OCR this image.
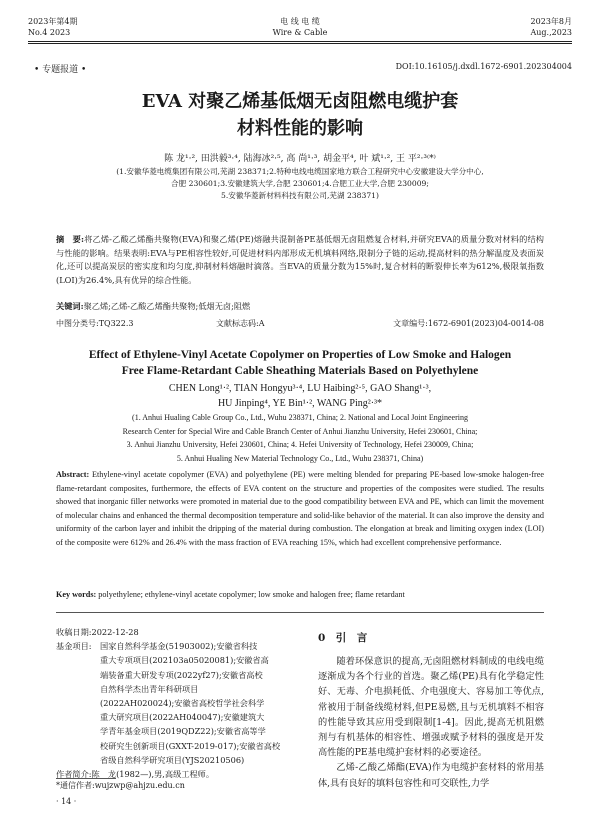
2023年第4期
No.4 2023
电 线 电 缆
Wire & Cable
2023年8月
Aug.,2023
• 专题报道 •	DOI:10.16105/j.dxdl.1672-6901.202304004
EVA 对聚乙烯基低烟无卤阻燃电缆护套
材料性能的影响
陈 龙¹·², 田洪毅³·⁴, 陆海冰²·⁵, 高 尚¹·³, 胡金平⁴, 叶 斌¹·², 王 平²·³⁽*⁾
(1.安徽华菱电缆集团有限公司,芜湖 238371;2.特种电线电缆国家地方联合工程研究中心安徽建设大学分中心,
合肥 230601;3.安徽建筑大学,合肥 230601;4.合肥工业大学,合肥 230009;
5.安徽华菱新材料科技有限公司,芜湖 238371)
摘　要:将乙烯-乙酸乙烯酯共聚物(EVA)和聚乙烯(PE)熔融共混制备PE基低烟无卤阻燃复合材料,并研究EVA的质量分数对材料的结构与性能的影响。结果表明:EVA与PE相容性较好,可促进材料内部形成无机填料网络,限制分子链的运动,提高材料的热分解温度及表面炭化,还可以提高炭层的密实度和均匀度,抑制材料熔融时滴落。当EVA的质量分数为15%时,复合材料的断裂伸长率为612%,极限氧指数(LOI)为26.4%,具有优异的综合性能。
关键词:聚乙烯;乙烯-乙酸乙烯酯共聚物;低烟无卤;阻燃
中图分类号:TQ322.3	文献标志码:A	文章编号:1672-6901(2023)04-0014-08
Effect of Ethylene-Vinyl Acetate Copolymer on Properties of Low Smoke and Halogen
Free Flame-Retardant Cable Sheathing Materials Based on Polyethylene
CHEN Long¹·², TIAN Hongyu³·⁴, LU Haibing²·⁵, GAO Shang¹·³,
HU Jinping⁴, YE Bin¹·², WANG Ping²·³*
(1. Anhui Hualing Cable Group Co., Ltd., Wuhu 238371, China; 2. National and Local Joint Engineering
Research Center for Special Wire and Cable Branch Center of Anhui Jianzhu University, Hefei 230601, China;
3. Anhui Jianzhu University, Hefei 230601, China; 4. Hefei University of Technology, Hefei 230009, China;
5. Anhui Hualing New Material Technology Co., Ltd., Wuhu 238371, China)
Abstract: Ethylene-vinyl acetate copolymer (EVA) and polyethylene (PE) were melting blended for preparing PE-based low-smoke halogen-free flame-retardant composites, furthermore, the effects of EVA content on the structure and properties of the composites were studied. The results showed that inorganic filler networks were promoted in material due to the good compatibility between EVA and PE, which can limit the movement of molecular chains and enhanced the thermal decomposition temperature and solid-like behavior of the material. It can also improve the density and uniformity of the carbon layer and inhibit the dripping of the material during combustion. The elongation at break and limiting oxygen index (LOI) of the composite were 612% and 26.4% with the mass fraction of EVA reaching 15%, which had excellent comprehensive performance.
Key words: polyethylene; ethylene-vinyl acetate copolymer; low smoke and halogen free; flame retardant
收稿日期:2022-12-28
基金项目:	国家自然科学基金(51903002);安徽省科技
重大专项项目(202103a05020081);安徽省高
端装备重大研发专项(2022yf27);安徽省高校
自然科学杰出青年科研项目
(2022AH020024);安徽省高校哲学社会科学
重大研究项目(2022AH040047);安徽建筑大
学青年基金项目(2019QDZ22);安徽省高等学
校研究生创新项目(GXXT-2019-017);安徽省高校
省级自然科学研究项目(YJS20210506)
作者简介:陈　龙(1982—),男,高级工程师。
*通信作者:wujzwp@ahjzu.edu.cn
· 14 ·
0　引　言

随着环保意识的提高,无卤阻燃材料制成的电线电缆逐渐成为各个行业的首选。聚乙烯(PE)具有化学稳定性好、无毒、介电损耗低、介电强度大、容易加工等优点,常被用于制备线缆材料,但PE易燃,且与无机填料不相容的性能导致其应用受到限制[1-4]。因此,提高无机阻燃剂与有机基体的相容性、增强或赋予材料的强度是开发高性能的PE基电缆护套材料的必要途径。

乙烯-乙酸乙烯酯(EVA)作为电缆护套材料的常用基体,具有良好的填料包容性和可交联性,力学
